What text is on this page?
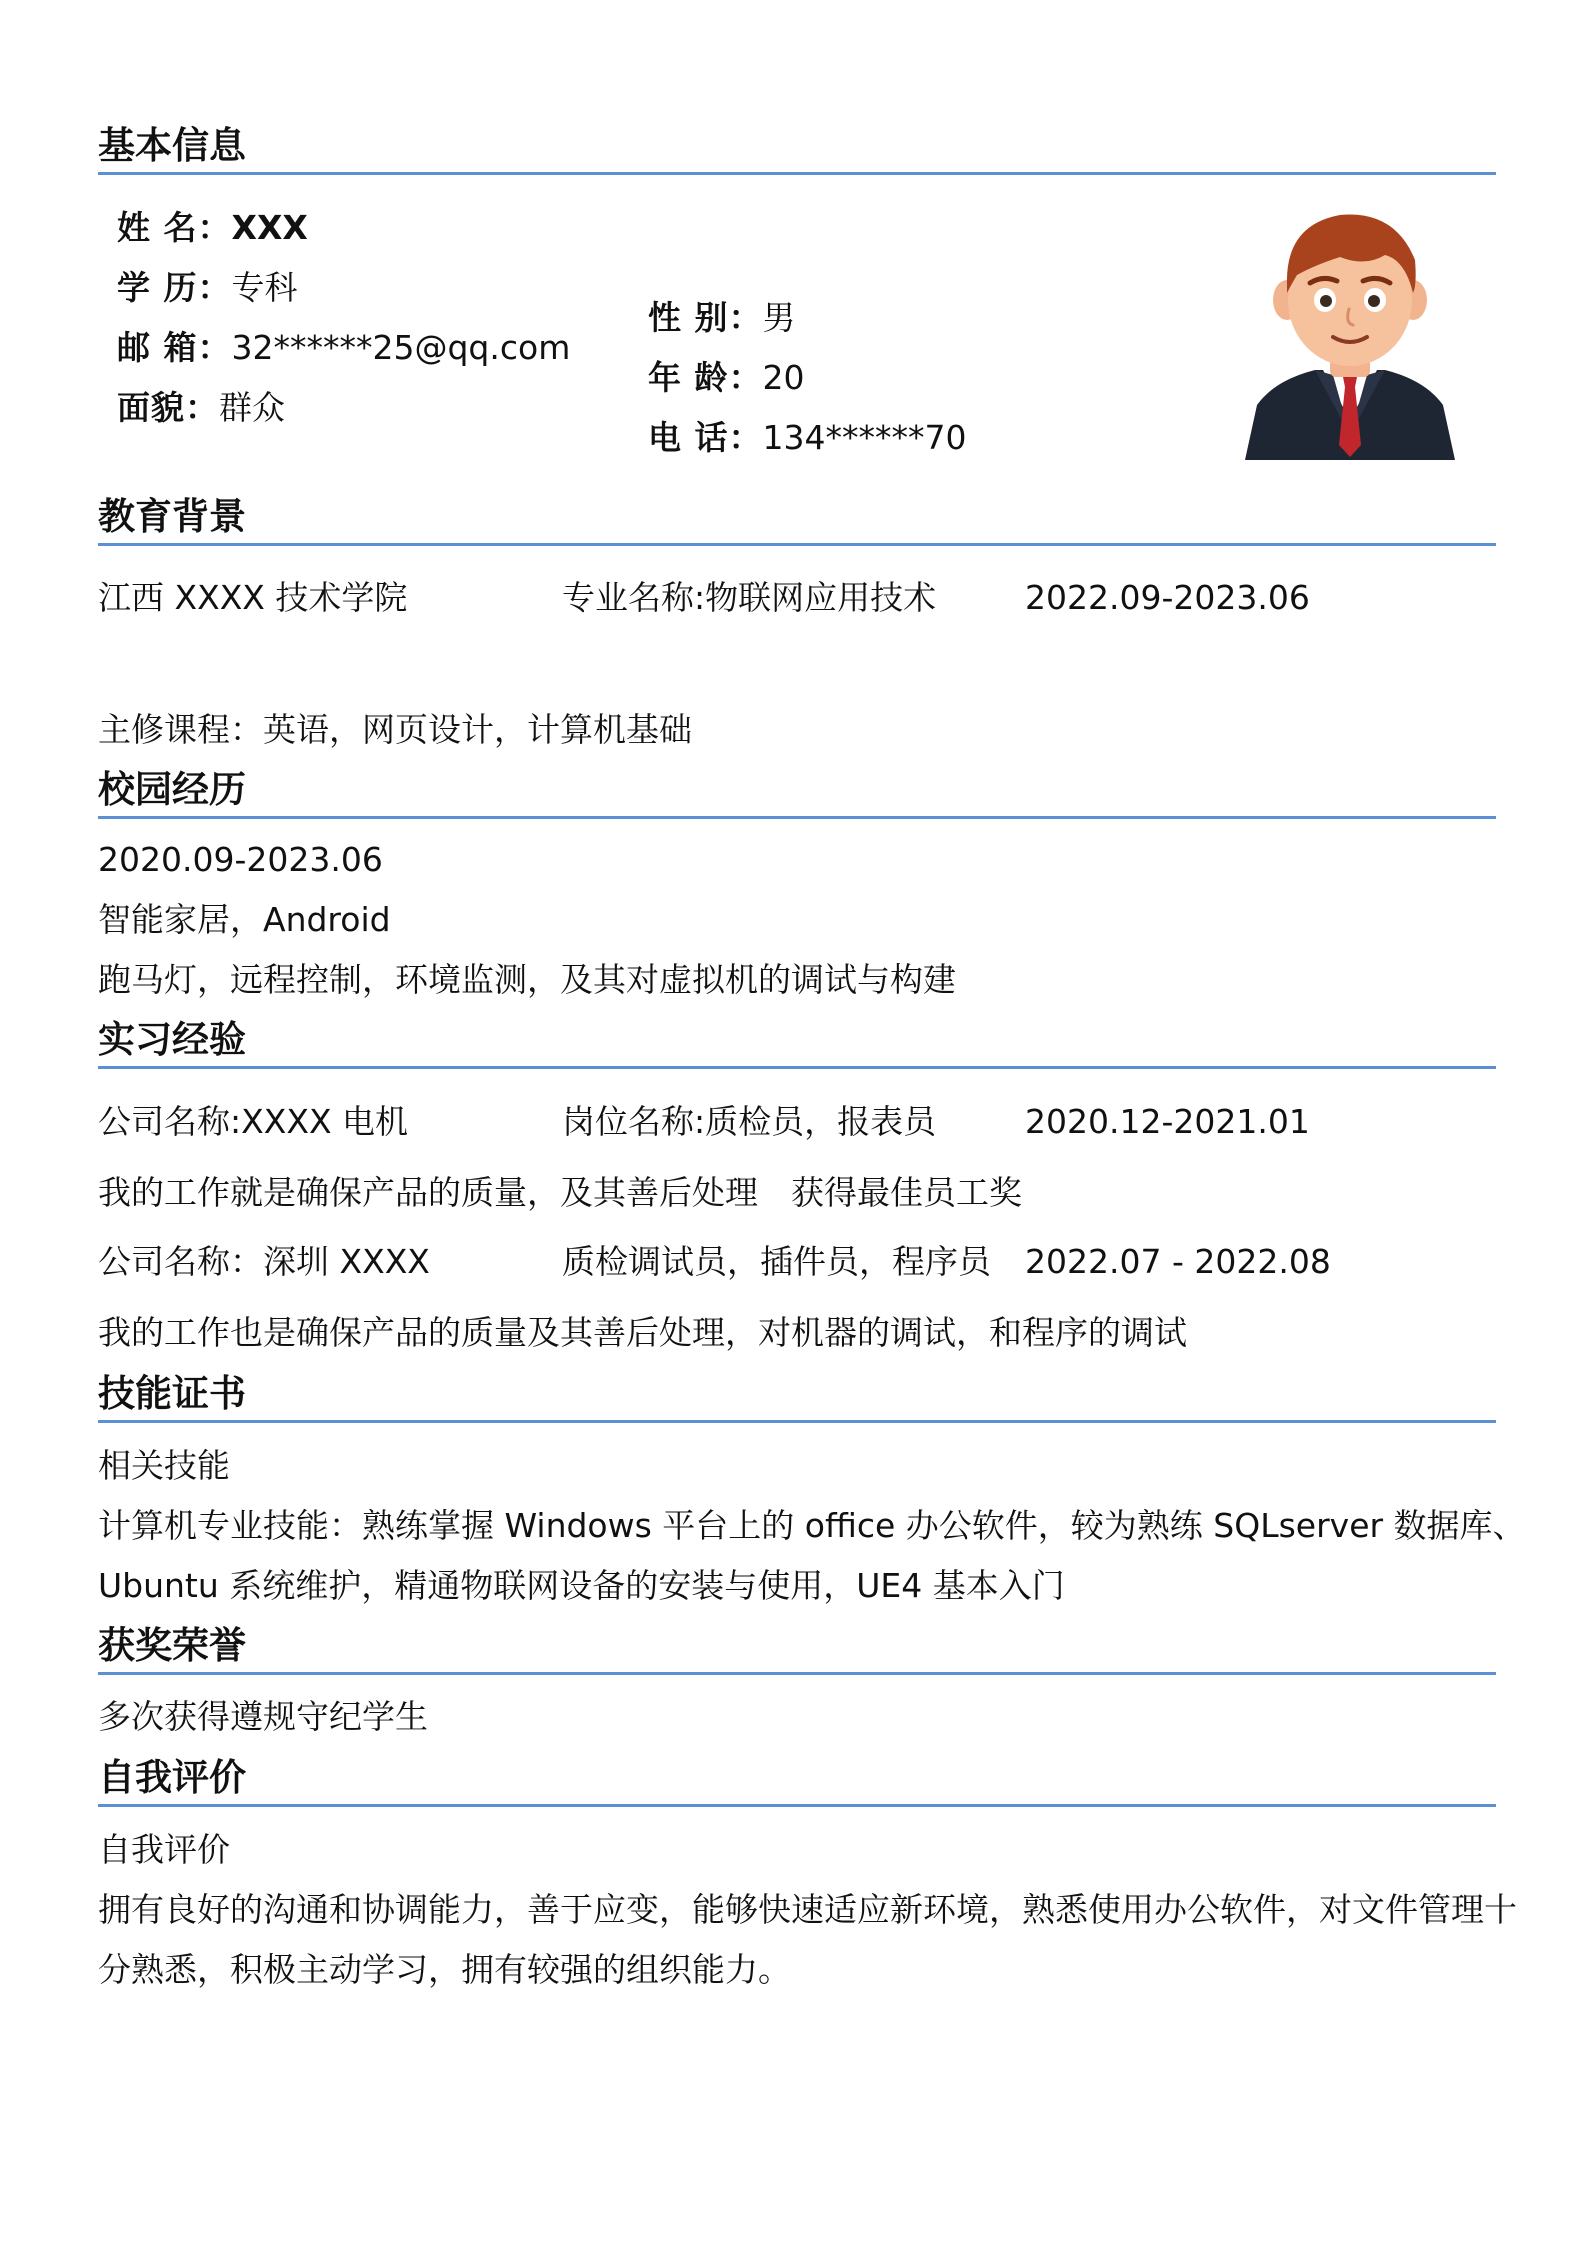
基本信息
姓 名：XXX
学 历：专科
邮 箱：32******25@qq.com
面貌：群众
性 别：男
年 龄：20
电 话：134******70
教育背景
江西 XXXX 技术学院	专业名称:物联网应用技术	2022.09-2023.06
主修课程：英语，网页设计，计算机基础
校园经历
2020.09-2023.06
智能家居，Android
跑马灯，远程控制，环境监测，及其对虚拟机的调试与构建
实习经验
公司名称:XXXX 电机	岗位名称:质检员，报表员	2020.12-2021.01
我的工作就是确保产品的质量，及其善后处理　获得最佳员工奖
公司名称：深圳 XXXX	质检调试员，插件员，程序员 2022.07 - 2022.08
我的工作也是确保产品的质量及其善后处理，对机器的调试，和程序的调试
技能证书
相关技能
计算机专业技能：熟练掌握 Windows 平台上的 office 办公软件，较为熟练 SQLserver 数据库、
Ubuntu 系统维护，精通物联网设备的安装与使用，UE4 基本入门
获奖荣誉
多次获得遵规守纪学生
自我评价
自我评价
拥有良好的沟通和协调能力，善于应变，能够快速适应新环境，熟悉使用办公软件，对文件管理十
分熟悉，积极主动学习，拥有较强的组织能力。
